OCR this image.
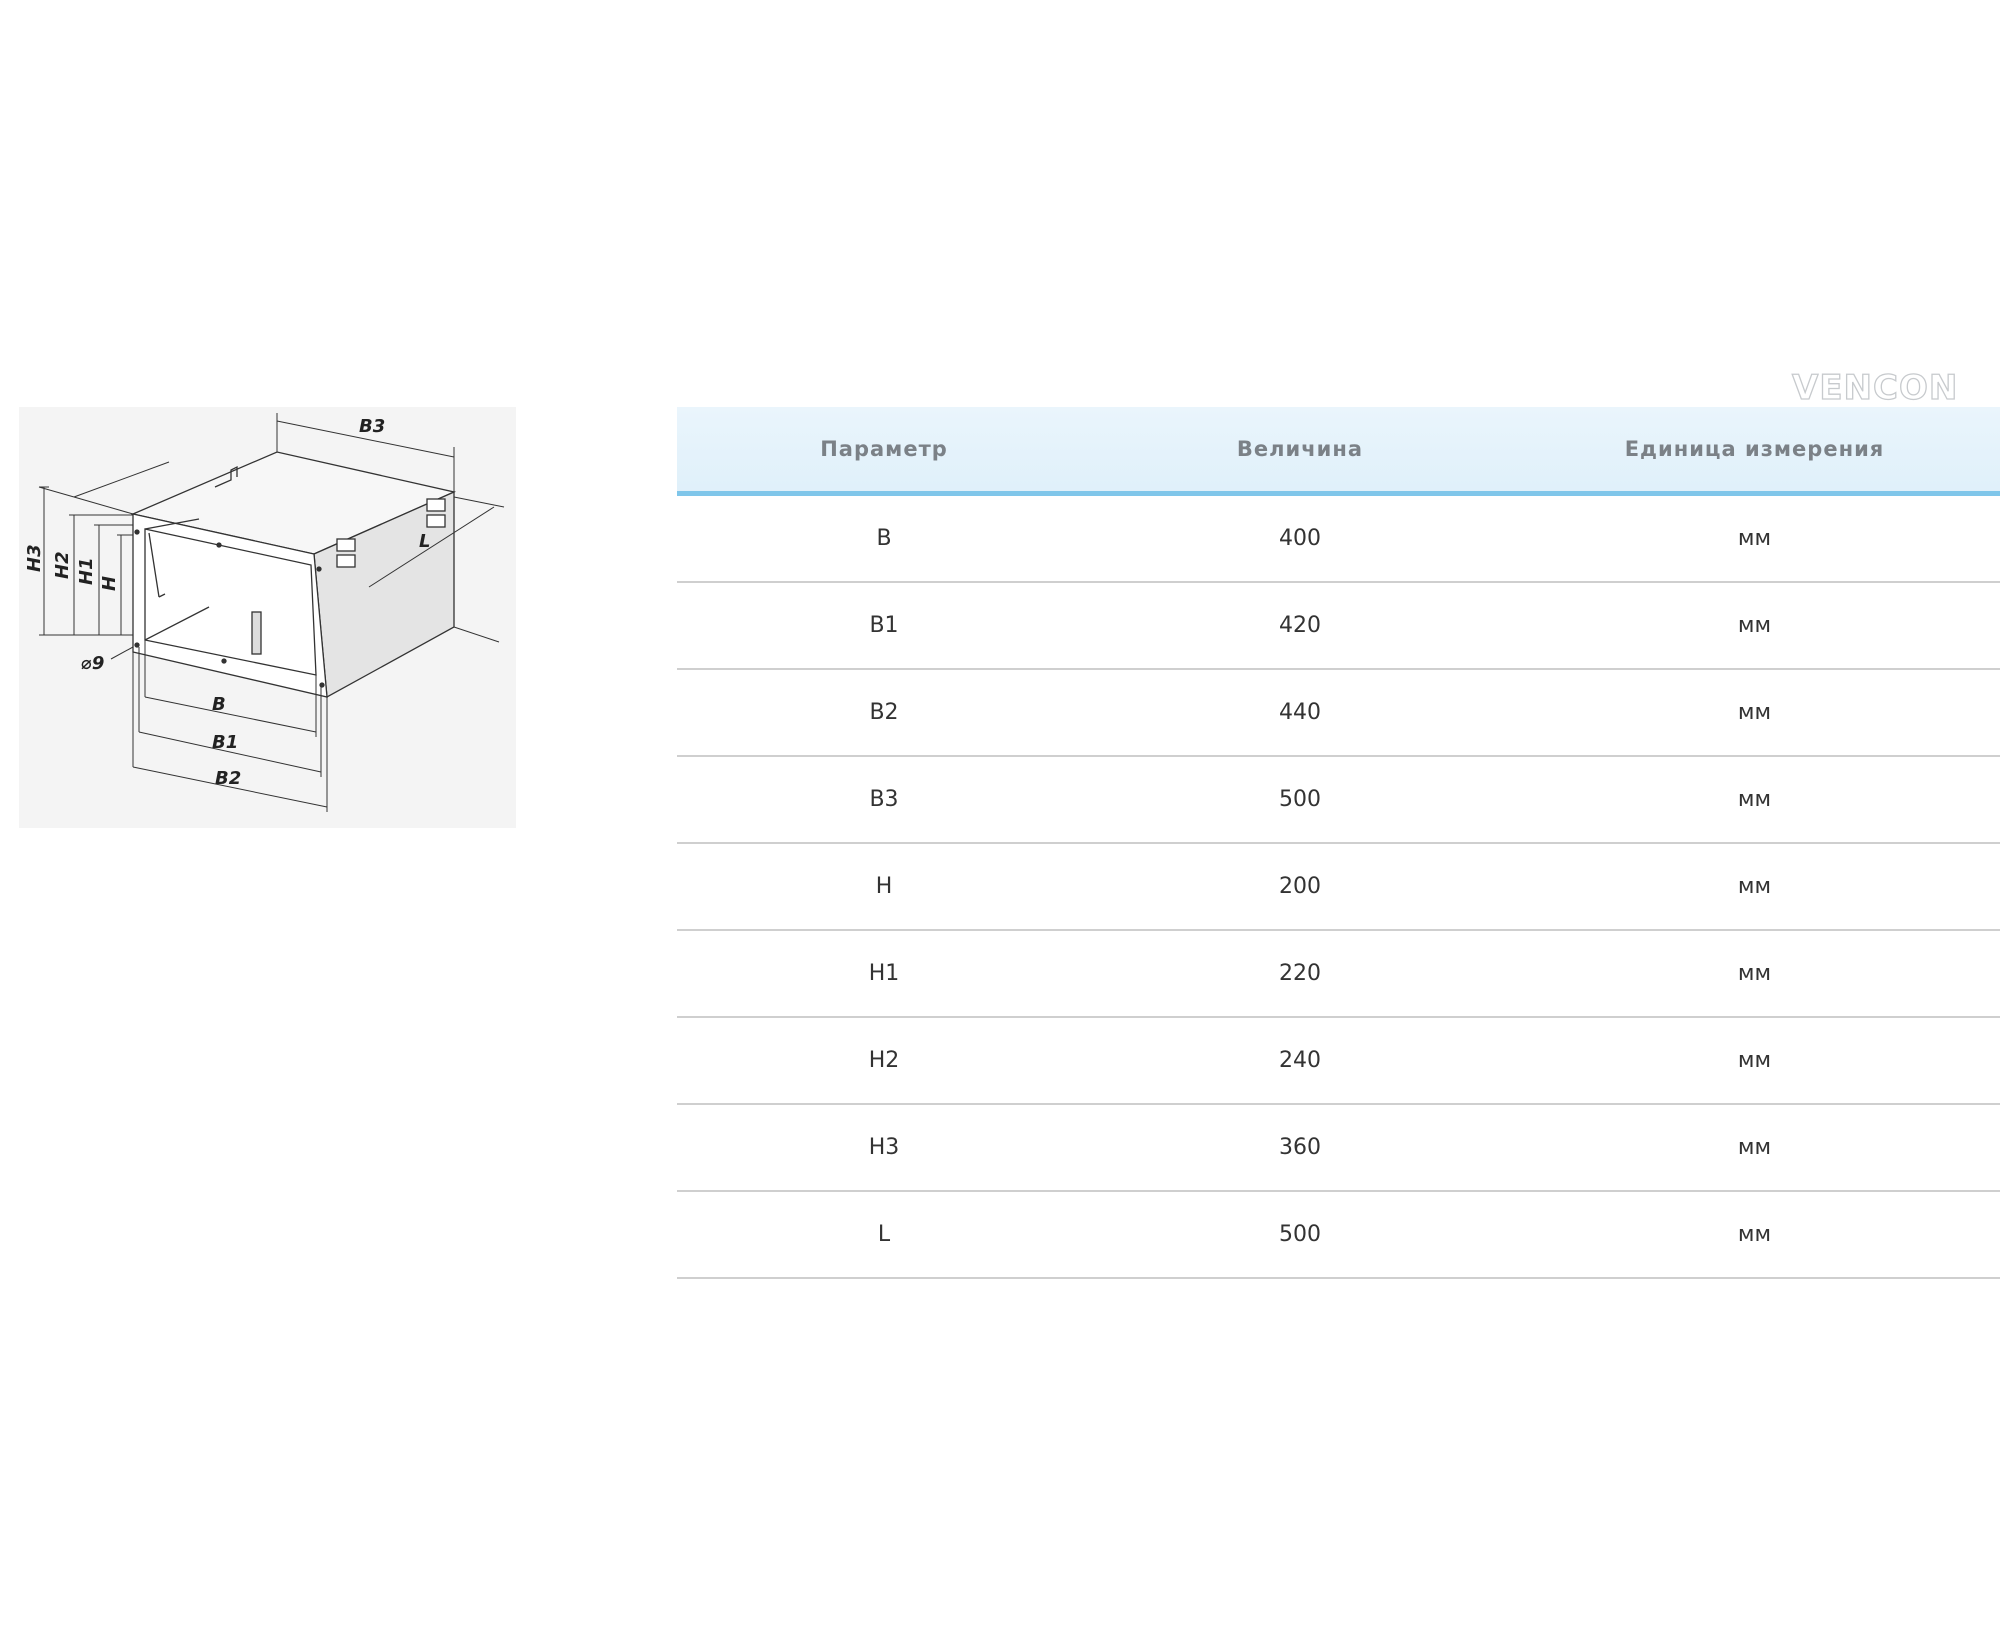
B3
L
B
B1
B2
⌀9
H3 H2 H1 H
VENCON
ЕКСПЕРТ В ІНЖЕНЕРНИХ РІШЕНЬ
Параметр	Величина	Единица измерения
B	400	мм
B1	420	мм
B2	440	мм
B3	500	мм
H	200	мм
H1	220	мм
H2	240	мм
H3	360	мм
L	500	мм
